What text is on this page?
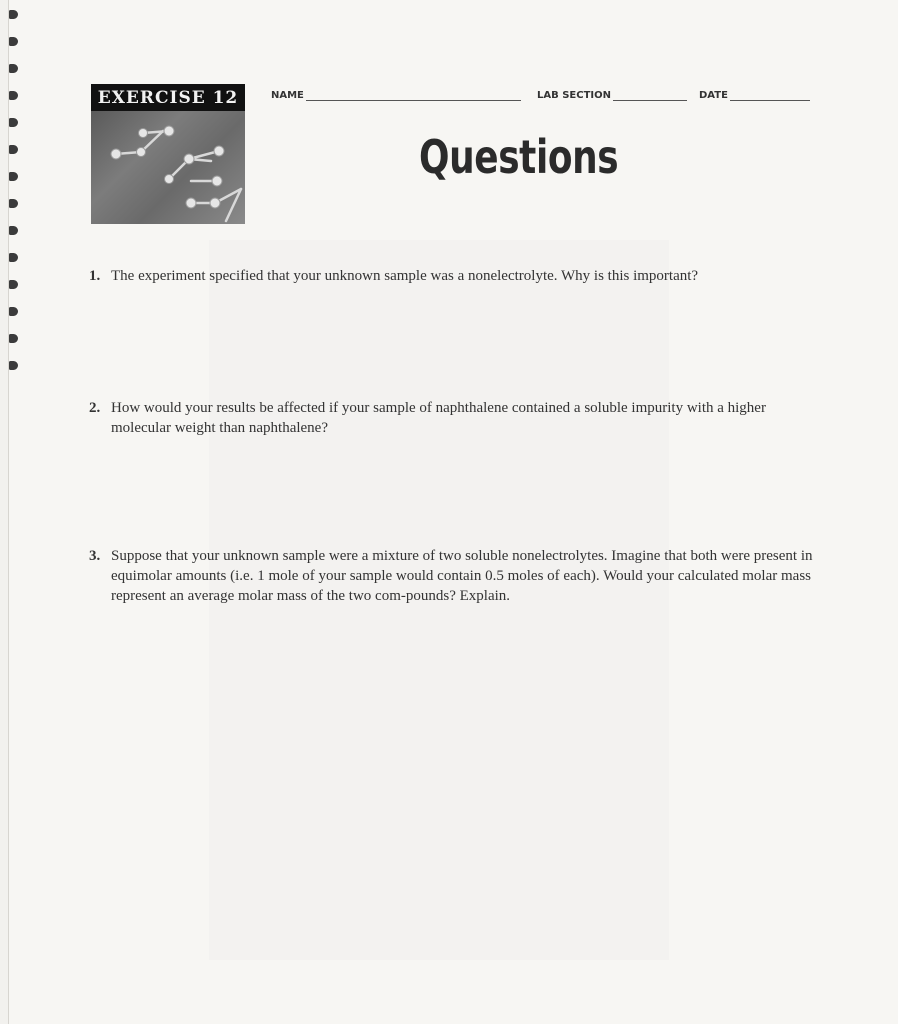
EXERCISE 12	NAME	LAB SECTION	DATE
Questions
1. The experiment specified that your unknown sample was a nonelectrolyte. Why is this important?
2. How would your results be affected if your sample of naphthalene contained a soluble impurity with a higher molecular weight than naphthalene?
3. Suppose that your unknown sample were a mixture of two soluble nonelectrolytes. Imagine that both were present in equimolar amounts (i.e. 1 mole of your sample would contain 0.5 moles of each). Would your calculated molar mass represent an average molar mass of the two com-pounds? Explain.
